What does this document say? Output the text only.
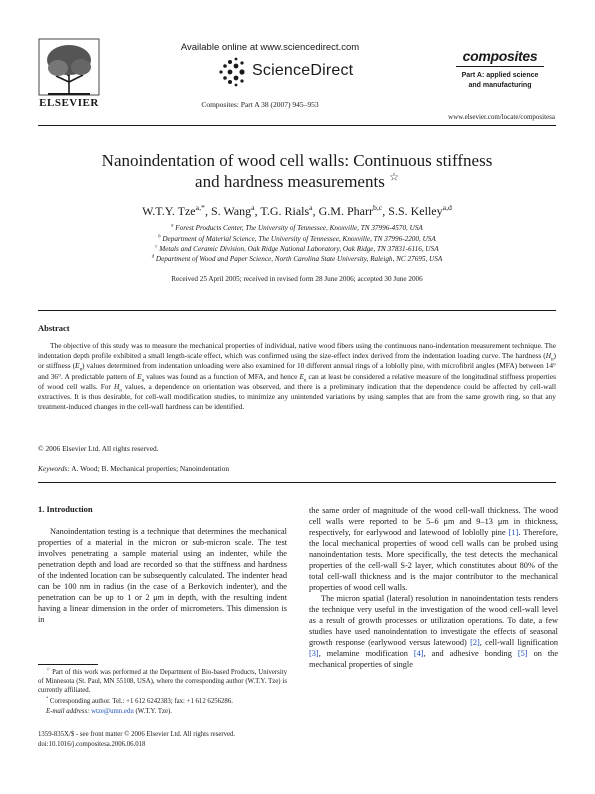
ELSEVIER
Available online at www.sciencedirect.com
ScienceDirect
Composites: Part A 38 (2007) 945–953
composites
Part A: applied science
and manufacturing
www.elsevier.com/locate/compositesa
Nanoindentation of wood cell walls: Continuous stiffness
and hardness measurements ☆
W.T.Y. Tze$^{a,*}$, S. Wang$^a$, T.G. Rials$^a$, G.M. Pharr$^{b,c}$, S.S. Kelley$^{a,d}$
$^a$ Forest Products Center, The University of Tennessee, Knoxville, TN 37996-4570, USA
$^b$ Department of Material Science, The University of Tennessee, Knoxville, TN 37996-2200, USA
$^c$ Metals and Ceramic Division, Oak Ridge National Laboratory, Oak Ridge, TN 37831-6116, USA
$^d$ Department of Wood and Paper Science, North Carolina State University, Raleigh, NC 27695, USA
Received 25 April 2005; received in revised form 28 June 2006; accepted 30 June 2006
Abstract
The objective of this study was to measure the mechanical properties of individual, native wood fibers using the continuous nano-indentation measurement technique. The indentation depth profile exhibited a small length-scale effect, which was confirmed using the size-effect index derived from the indentation loading curve. The hardness $(H_n)$ or stiffness $(E_n)$ values determined from indentation unloading were also examined for 10 different annual rings of a loblolly pine, with microfibril angles (MFA) between 14° and 36°. A predictable pattern of $E_n$ values was found as a function of MFA, and hence $E_n$ can at least be considered a relative measure of the longitudinal stiffness properties of wood cell walls. For $H_n$ values, a dependence on orientation was observed, and there is a preliminary indication that the dependence could be affected by cell-wall extractives. It is thus desirable, for cell-wall modification studies, to minimize any unintended variations by using samples that are from the same growth ring, so that any treatment-induced changes in the cell-wall hardness can be identified.
© 2006 Elsevier Ltd. All rights reserved.
Keywords: A. Wood; B. Mechanical properties; Nanoindentation
1. Introduction
Nanoindentation testing is a technique that determines the mechanical properties of a material in the micron or sub-micron scale. The test involves penetrating a sample material using an indenter, while the penetration depth and load are recorded so that the stiffness and hardness of the indented location can be subsequently calculated. The indenter head can be 100 nm in radius (in the case of a Berkovich indenter), and the penetration can be up to 1 or 2 μm in depth, with the resulting indent having a linear dimension in the order of micrometers. This dimension is in
the same order of magnitude of the wood cell-wall thickness. The wood cell walls were reported to be 5–6 μm and 9–13 μm in thickness, respectively, for earlywood and latewood of loblolly pine [1]. Therefore, the local mechanical properties of wood cell walls can be probed using nanoindentation tests. More specifically, the test detects the mechanical properties of the cell-wall S-2 layer, which constitutes about 80% of the total cell-wall thickness and is the major contributor to the mechanical properties of wood cell walls.
The micron spatial (lateral) resolution in nanoindentation tests renders the technique very useful in the investigation of the wood cell-wall level as a result of growth processes or utilization operations. To date, a few studies have used nanoindentation to investigate the effects of seasonal growth response (earlywood versus latewood) [2], cell-wall lignification [3], melamine modification [4], and adhesive bonding [5] on the mechanical properties of single
☆ Part of this work was performed at the Department of Bio-based Products, University of Minnesota (St. Paul, MN 55108, USA), where the corresponding author (W.T.Y. Tze) is currently affiliated.
* Corresponding author. Tel.: +1 612 6242383; fax: +1 612 6256286.
E-mail address: wtze@umn.edu (W.T.Y. Tze).
1359-835X/$ - see front matter © 2006 Elsevier Ltd. All rights reserved.
doi:10.1016/j.compositesa.2006.06.018
